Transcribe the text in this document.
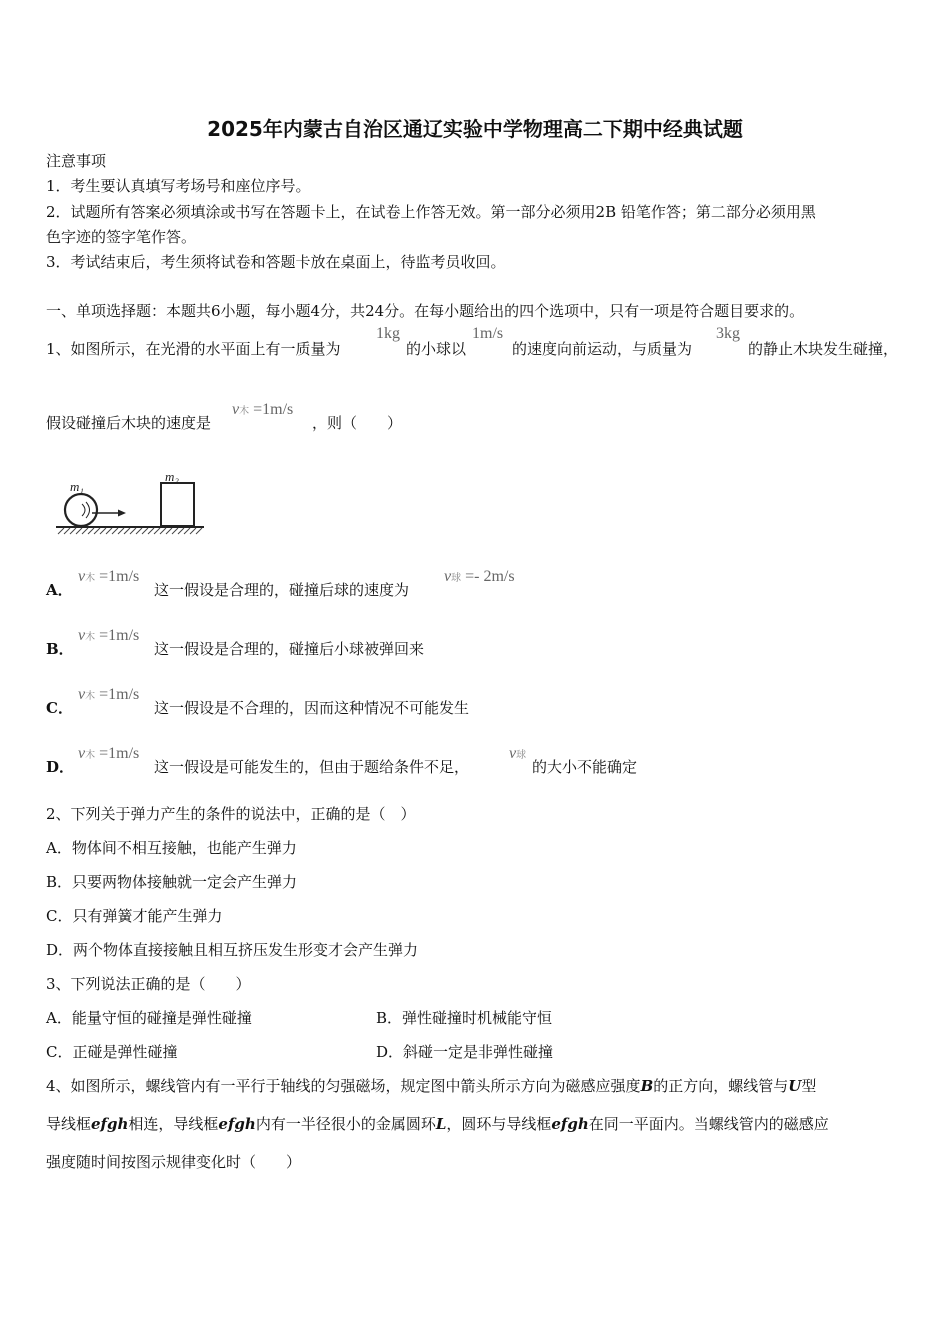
2025年内蒙古自治区通辽实验中学物理高二下期中经典试题
注意事项
1．考生要认真填写考场号和座位序号。
2．试题所有答案必须填涂或书写在答题卡上，在试卷上作答无效。第一部分必须用2B 铅笔作答；第二部分必须用黑
色字迹的签字笔作答。
3．考试结束后，考生须将试卷和答题卡放在桌面上，待监考员收回。
一、单项选择题：本题共6小题，每小题4分，共24分。在每小题给出的四个选项中，只有一项是符合题目要求的。
1、如图所示，在光滑的水平面上有一质量为
1kg
的小球以
1m/s
的速度向前运动，与质量为
3kg
的静止木块发生碰撞，
假设碰撞后木块的速度是
v木 =1m/s
，则（　　）
m₁
m₂
A．
v木 =1m/s
这一假设是合理的，碰撞后球的速度为
v球 =- 2m/s
B．
v木 =1m/s
这一假设是合理的，碰撞后小球被弹回来
C．
v木 =1m/s
这一假设是不合理的，因而这种情况不可能发生
D．
v木 =1m/s
这一假设是可能发生的，但由于题给条件不足，
v球
的大小不能确定
2、下列关于弹力产生的条件的说法中，正确的是（　）
A．物体间不相互接触，也能产生弹力
B．只要两物体接触就一定会产生弹力
C．只有弹簧才能产生弹力
D．两个物体直接接触且相互挤压发生形变才会产生弹力
3、下列说法正确的是（　　）
A．能量守恒的碰撞是弹性碰撞	B．弹性碰撞时机械能守恒
C．正碰是弹性碰撞	D．斜碰一定是非弹性碰撞
4、如图所示，螺线管内有一平行于轴线的匀强磁场，规定图中箭头所示方向为磁感应强度B的正方向，螺线管与U型
导线框efgh相连，导线框efgh内有一半径很小的金属圆环L，圆环与导线框efgh在同一平面内。当螺线管内的磁感应
强度随时间按图示规律变化时（　　）
